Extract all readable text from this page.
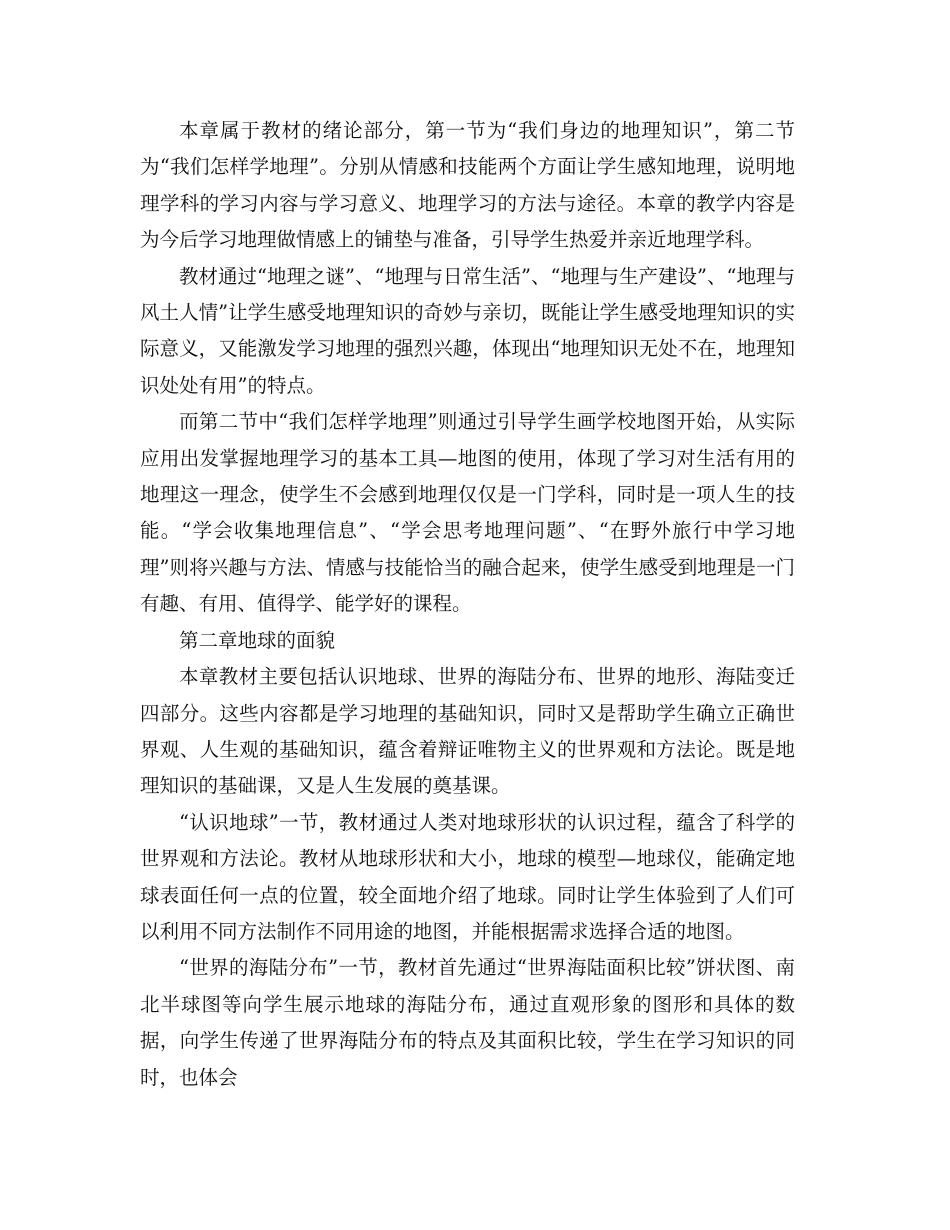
本章属于教材的绪论部分，第一节为“我们身边的地理知识”，第二节为“我们怎样学地理”。分别从情感和技能两个方面让学生感知地理，说明地理学科的学习内容与学习意义、地理学习的方法与途径。本章的教学内容是为今后学习地理做情感上的铺垫与准备，引导学生热爱并亲近地理学科。

教材通过“地理之谜”、“地理与日常生活”、“地理与生产建设”、“地理与风土人情”让学生感受地理知识的奇妙与亲切，既能让学生感受地理知识的实际意义，又能激发学习地理的强烈兴趣，体现出“地理知识无处不在，地理知识处处有用”的特点。

而第二节中“我们怎样学地理”则通过引导学生画学校地图开始，从实际应用出发掌握地理学习的基本工具—地图的使用，体现了学习对生活有用的地理这一理念，使学生不会感到地理仅仅是一门学科，同时是一项人生的技能。“学会收集地理信息”、“学会思考地理问题”、“在野外旅行中学习地理”则将兴趣与方法、情感与技能恰当的融合起来，使学生感受到地理是一门有趣、有用、值得学、能学好的课程。

第二章地球的面貌

本章教材主要包括认识地球、世界的海陆分布、世界的地形、海陆变迁四部分。这些内容都是学习地理的基础知识，同时又是帮助学生确立正确世界观、人生观的基础知识，蕴含着辩证唯物主义的世界观和方法论。既是地理知识的基础课，又是人生发展的奠基课。

“认识地球”一节，教材通过人类对地球形状的认识过程，蕴含了科学的世界观和方法论。教材从地球形状和大小，地球的模型—地球仪，能确定地球表面任何一点的位置，较全面地介绍了地球。同时让学生体验到了人们可以利用不同方法制作不同用途的地图，并能根据需求选择合适的地图。

“世界的海陆分布”一节，教材首先通过“世界海陆面积比较”饼状图、南北半球图等向学生展示地球的海陆分布，通过直观形象的图形和具体的数据，向学生传递了世界海陆分布的特点及其面积比较，学生在学习知识的同时，也体会
